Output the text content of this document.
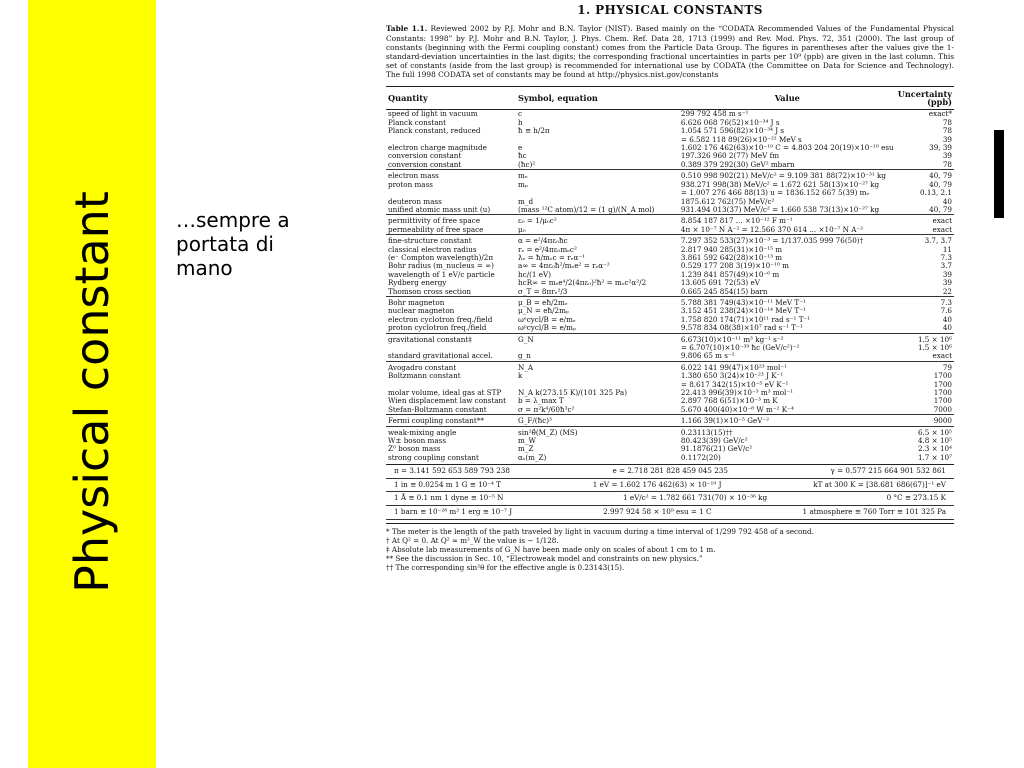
Physical constant	…sempre a
portata di
mano
1. PHYSICAL CONSTANTS
Table 1.1. Reviewed 2002 by P.J. Mohr and B.N. Taylor (NIST). Based mainly on the “CODATA Recommended Values of the Fundamental Physical Constants: 1998” by P.J. Mohr and B.N. Taylor, J. Phys. Chem. Ref. Data 28, 1713 (1999) and Rev. Mod. Phys. 72, 351 (2000). The last group of constants (beginning with the Fermi coupling constant) comes from the Particle Data Group. The figures in parentheses after the values give the 1-standard-deviation uncertainties in the last digits; the corresponding fractional uncertainties in parts per 10⁹ (ppb) are given in the last column. This set of constants (aside from the last group) is recommended for international use by CODATA (the Committee on Data for Science and Technology). The full 1998 CODATA set of constants may be found at http://physics.nist.gov/constants
Quantity	Symbol, equation	Value	Uncertainty (ppb)
speed of light in vacuum	c	299 792 458 m s⁻¹	exact*
Planck constant	h	6.626 068 76(52)×10⁻³⁴ J s	78
Planck constant, reduced	ħ ≡ h/2π	1.054 571 596(82)×10⁻³⁴ J s	78
		= 6.582 118 89(26)×10⁻²² MeV s	39
electron charge magnitude	e	1.602 176 462(63)×10⁻¹⁹ C = 4.803 204 20(19)×10⁻¹⁰ esu	39, 39
conversion constant	ħc	197.326 960 2(77) MeV fm	39
conversion constant	(ħc)²	0.389 379 292(30) GeV² mbarn	78
electron mass	mₑ	0.510 998 902(21) MeV/c² = 9.109 381 88(72)×10⁻³¹ kg	40, 79
proton mass	mₚ	938.271 998(38) MeV/c² = 1.672 621 58(13)×10⁻²⁷ kg	40, 79
		= 1.007 276 466 88(13) u = 1836.152 667 5(39) mₑ	0.13, 2.1
deuteron mass	m_d	1875.612 762(75) MeV/c²	40
unified atomic mass unit (u)	(mass ¹²C atom)/12 = (1 g)/(N_A mol)	931.494 013(37) MeV/c² = 1.660 538 73(13)×10⁻²⁷ kg	40, 79
permittivity of free space	ε₀ = 1/μ₀c²	8.854 187 817 ... ×10⁻¹² F m⁻¹	exact
permeability of free space	μ₀	4π × 10⁻⁷ N A⁻² = 12.566 370 614 ... ×10⁻⁷ N A⁻²	exact
fine-structure constant	α = e²/4πε₀ħc	7.297 352 533(27)×10⁻³ = 1/137.035 999 76(50)†	3.7, 3.7
classical electron radius	rₑ = e²/4πε₀mₑc²	2.817 940 285(31)×10⁻¹⁵ m	11
(e⁻ Compton wavelength)/2π	ƛₑ = ħ/mₑc = rₑα⁻¹	3.861 592 642(28)×10⁻¹³ m	7.3
Bohr radius (m_nucleus = ∞)	a∞ = 4πε₀ħ²/mₑe² = rₑα⁻²	0.529 177 208 3(19)×10⁻¹⁰ m	3.7
wavelength of 1 eV/c particle	hc/(1 eV)	1.239 841 857(49)×10⁻⁶ m	39
Rydberg energy	hcR∞ = mₑe⁴/2(4πε₀)²ħ² = mₑc²α²/2	13.605 691 72(53) eV	39
Thomson cross section	σ_T = 8πrₑ²/3	0.665 245 854(15) barn	22
Bohr magneton	μ_B = eħ/2mₑ	5.788 381 749(43)×10⁻¹¹ MeV T⁻¹	7.3
nuclear magneton	μ_N = eħ/2mₚ	3.152 451 238(24)×10⁻¹⁴ MeV T⁻¹	7.6
electron cyclotron freq./field	ωᵉcycl/B = e/mₑ	1.758 820 174(71)×10¹¹ rad s⁻¹ T⁻¹	40
proton cyclotron freq./field	ωᵖcycl/B = e/mₚ	9.578 834 08(38)×10⁷ rad s⁻¹ T⁻¹	40
gravitational constant‡	G_N	6.673(10)×10⁻¹¹ m³ kg⁻¹ s⁻²	1.5 × 10⁶
		= 6.707(10)×10⁻³⁹ ħc (GeV/c²)⁻²	1.5 × 10⁶
standard gravitational accel.	g_n	9.806 65 m s⁻²	exact
Avogadro constant	N_A	6.022 141 99(47)×10²³ mol⁻¹	79
Boltzmann constant	k	1.380 650 3(24)×10⁻²³ J K⁻¹	1700
		= 8.617 342(15)×10⁻⁵ eV K⁻¹	1700
molar volume, ideal gas at STP	N_A k(273.15 K)/(101 325 Pa)	22.413 996(39)×10⁻³ m³ mol⁻¹	1700
Wien displacement law constant	b = λ_max T	2.897 768 6(51)×10⁻³ m K	1700
Stefan-Boltzmann constant	σ = π²k⁴/60ħ³c²	5.670 400(40)×10⁻⁸ W m⁻² K⁻⁴	7000
Fermi coupling constant**	G_F/(ħc)³	1.166 39(1)×10⁻⁵ GeV⁻²	9000
weak-mixing angle	sin²θ̂(M_Z) (MS)	0.23113(15)††	6.5 × 10⁵
W± boson mass	m_W	80.423(39) GeV/c²	4.8 × 10⁵
Z⁰ boson mass	m_Z	91.1876(21) GeV/c²	2.3 × 10⁴
strong coupling constant	αₛ(m_Z)	0.1172(20)	1.7 × 10⁷
π = 3.141 592 653 589 793 238	e = 2.718 281 828 459 045 235	γ = 0.577 215 664 901 532 861
1 in ≡ 0.0254 m 1 G ≡ 10⁻⁴ T	1 eV = 1.602 176 462(63) × 10⁻¹⁹ J	kT at 300 K = [38.681 686(67)]⁻¹ eV
1 Å ≡ 0.1 nm 1 dyne ≡ 10⁻⁵ N	1 eV/c² = 1.782 661 731(70) × 10⁻³⁶ kg	0 °C ≡ 273.15 K
1 barn ≡ 10⁻²⁸ m² 1 erg ≡ 10⁻⁷ J	2.997 924 58 × 10⁹ esu = 1 C	1 atmosphere ≡ 760 Torr ≡ 101 325 Pa
* The meter is the length of the path traveled by light in vacuum during a time interval of 1/299 792 458 of a second.
† At Q² = 0. At Q² ≈ m²_W the value is ∼ 1/128.
‡ Absolute lab measurements of G_N have been made only on scales of about 1 cm to 1 m.
** See the discussion in Sec. 10, “Electroweak model and constraints on new physics.”
†† The corresponding sin²θ for the effective angle is 0.23143(15).
